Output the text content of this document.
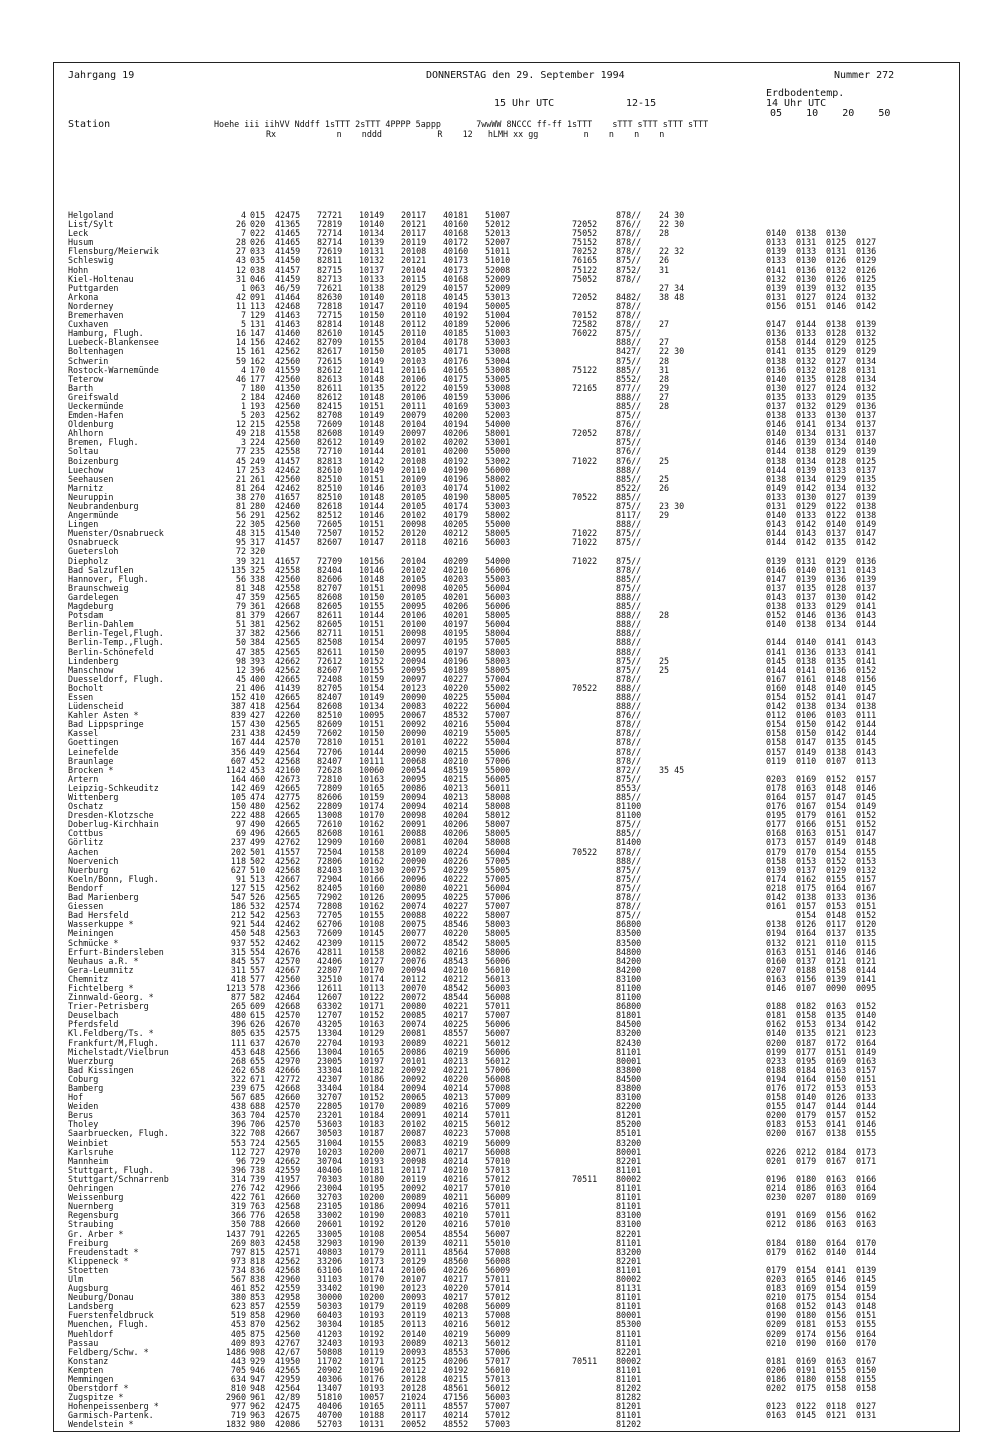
Jahrgang 19	DONNERSTAG den 29. September 1994	Nummer 272
15 Uhr UTC	12-15
Erdbodentemp.
14 Uhr UTC
05    10    20    50
Station	Hoehe iii iihVV Nddff 1sTTT 2sTTT 4PPPP 5appp       7wwWW 8NCCC ff-ff 1sTTT    sTTT sTTT sTTT sTTT
Rx            n    nddd           R    12   hLMH xx gg         n    n    n    n
Helgoland	4 015 42475 72721 10149 20117 40181 51007	878// 24 30
List/Sylt	26 020 41365 72819 10140 20121 40160 52012	72052 876// 22 30
Leck	7 022 41465 72714 10134 20117 40168 52013	75052 878// 28	0140 0138 0130
Husum	28 026 41465 82714 10139 20119 40172 52007	75152 878//	0133 0131 0125 0127
Flensburg/Meierwik	27 033 41459 72619 10131 20108 40160 51011	70252 878// 22 32	0139 0133 0131 0136
Schleswig	43 035 41450 82811 10132 20121 40173 51010	76165 875// 26	0133 0130 0126 0129
Hohn	12 038 41457 82715 10137 20104 40173 52008	75122 8752/ 31	0141 0136 0132 0126
Kiel-Holtenau	31 046 41459 82713 10133 20115 40168 52009	75052 878//	0132 0130 0126 0125
Puttgarden	1 063 46/59 72621 10138 20129 40157 52009	27 34	0139 0139 0132 0135
Arkona	42 091 41464 82630 10140 20118 40145 53013	72052 8482/ 38 48	0131 0127 0124 0132
Norderney	11 113 42468 72818 10147 20110 40194 50005	878//	0156 0151 0146 0142
Bremerhaven	7 129 41463 72715 10150 20110 40192 51004	70152 878//
Cuxhaven	5 131 41463 82814 10148 20112 40189 52006	72582 878// 27	0147 0144 0138 0139
Hamburg, Flugh.	16 147 41460 82610 10145 20110 40185 51003	76022 875//	0136 0133 0128 0132
Luebeck-Blankensee	14 156 42462 82709 10155 20104 40178 53003	888// 27	0158 0144 0129 0125
Boltenhagen	15 161 42562 82617 10150 20105 40171 53008	8427/ 22 30	0141 0135 0129 0129
Schwerin	59 162 42560 72615 10149 20103 40176 53004	875// 28	0138 0132 0127 0134
Rostock-Warnemünde	4 170 41559 82612 10141 20116 40165 53008	75122 885// 31	0136 0132 0128 0131
Teterow	46 177 42560 82613 10148 20106 40175 53005	8552/ 28	0140 0135 0128 0134
Barth	7 180 41350 82611 10135 20122 40159 53008	72165 877// 29	0130 0127 0124 0132
Greifswald	2 184 42460 82612 10148 20106 40159 53006	888// 27	0135 0133 0129 0135
Ueckermünde	1 193 42560 82415 10151 20111 40169 53003	885// 28	0137 0132 0129 0136
Emden-Hafen	5 203 42562 82708 10149 20079 40200 52003	875//	0138 0133 0130 0137
Oldenburg	12 215 42558 72609 10148 20104 40194 54000	876//	0146 0141 0134 0137
Ahlhorn	49 218 41558 82608 10149 20097 40206 58001	72052 878//	0140 0134 0131 0137
Bremen, Flugh.	3 224 42560 82612 10149 20102 40202 53001	875//	0146 0139 0134 0140
Soltau	77 235 42558 72710 10144 20101 40200 55000	876//	0144 0138 0129 0139
Boizenburg	45 249 41457 82813 10142 20108 40192 53002	71022 876// 25	0138 0134 0128 0125
Luechow	17 253 42462 82610 10149 20110 40190 56000	888//	0144 0139 0133 0137
Seehausen	21 261 42560 82510 10151 20109 40196 58002	885// 25	0138 0134 0129 0135
Marnitz	81 264 42462 82510 10146 20103 40174 51002	8522/ 26	0149 0142 0134 0132
Neuruppin	38 270 41657 82510 10148 20105 40190 58005	70522 885//	0133 0130 0127 0139
Neubrandenburg	81 280 42460 82618 10144 20105 40174 53003	875// 23 30	0131 0129 0122 0138
Angermünde	56 291 42562 82512 10146 20102 40179 58002	8117/ 29	0140 0133 0122 0138
Lingen	22 305 42560 72605 10151 20098 40205 55000	888//	0143 0142 0140 0149
Muenster/Osnabrueck	48 315 41540 72507 10152 20120 40212 58005	71022 875//	0144 0143 0137 0147
Osnabrueck	95 317 41457 82607 10147 20118 40216 56003	71022 875//	0144 0142 0135 0142
Guetersloh	72 320
Diepholz	39 321 41657 72709 10156 20104 40209 54000	71022 875//	0139 0131 0129 0136
Bad Salzuflen	135 325 42558 82404 10146 20102 40210 56006	878//	0146 0140 0131 0143
Hannover, Flugh.	56 338 42560 82606 10148 20105 40203 55003	885//	0147 0139 0136 0139
Braunschweig	81 348 42558 82707 10151 20098 40205 56004	875//	0137 0135 0128 0137
Gardelegen	47 359 42565 82608 10150 20105 40201 56003	888//	0143 0137 0130 0142
Magdeburg	79 361 42668 82605 10155 20095 40206 56006	885//	0138 0133 0129 0141
Potsdam	81 379 42667 82611 10144 20106 40201 58005	888// 28	0152 0146 0136 0143
Berlin-Dahlem	51 381 42562 82605 10151 20100 40197 56004	888//	0140 0138 0134 0144
Berlin-Tegel,Flugh.	37 382 42566 82711 10151 20098 40195 58004	888//
Berlin-Temp.,Flugh.	50 384 42565 82508 10154 20097 40195 57005	888//	0144 0140 0141 0143
Berlin-Schönefeld	47 385 42565 82611 10150 20095 40197 58003	888//	0141 0136 0133 0141
Lindenberg	98 393 42662 72612 10152 20094 40196 58003	875// 25	0145 0138 0135 0141
Manschnow	12 396 42562 82607 10155 20095 40189 58005	875// 25	0144 0141 0136 0152
Duesseldorf, Flugh.	45 400 42665 72408 10159 20097 40227 57004	878//	0167 0161 0148 0156
Bocholt	21 406 41439 82705 10154 20123 40220 55002	70522 888//	0160 0148 0140 0145
Essen	152 410 42665 82407 10149 20090 40225 55004	888//	0154 0152 0141 0147
Lüdenscheid	387 418 42564 82608 10134 20083 40222 56004	888//	0142 0138 0134 0138
Kahler Asten *	839 427 42260 82510 10095 20067 48532 57007	876//	0112 0106 0103 0111
Bad Lippspringe	157 430 42565 82609 10151 20092 40216 55004	878//	0154 0150 0142 0144
Kassel	231 438 42459 72602 10150 20090 40219 55005	878//	0158 0150 0142 0144
Goettingen	167 444 42570 72810 10151 20101 40222 55004	878//	0158 0147 0135 0145
Leinefelde	356 449 42564 72706 10144 20090 40215 55006	878//	0157 0149 0138 0143
Braunlage	607 452 42568 82407 10111 20068 40210 57006	878//	0119 0110 0107 0113
Brocken *	1142 453 42160 72628 10060 20054 48519 55000	872// 35 45
Artern	164 460 42673 72810 10163 20095 40215 56005	875//	0203 0169 0152 0157
Leipzig-Schkeuditz	142 469 42665 72809 10165 20086 40213 56011	8553/	0178 0163 0148 0146
Wittenberg	105 474 42775 82606 10159 20094 40213 58008	885//	0164 0157 0147 0145
Oschatz	150 480 42562 22809 10174 20094 40214 58008	81100	0176 0167 0154 0149
Dresden-Klotzsche	222 488 42665 13008 10170 20098 40204 58012	81100	0195 0179 0161 0152
Doberlug-Kirchhain	97 490 42665 72610 10162 20091 40206 58007	875//	0177 0166 0151 0152
Cottbus	69 496 42665 82608 10161 20088 40206 58005	885//	0168 0163 0151 0147
Görlitz	237 499 42762 12909 10160 20081 40204 58008	81400	0173 0157 0149 0148
Aachen	202 501 41557 72504 10158 20109 40224 56004	70522 878//	0179 0170 0154 0155
Noervenich	118 502 42562 72806 10162 20090 40226 57005	888//	0158 0153 0152 0153
Nuerburg	627 510 42568 82403 10130 20075 40229 55005	875//	0139 0137 0129 0132
Koeln/Bonn, Flugh.	91 513 42667 72904 10166 20096 40222 57005	875//	0174 0162 0155 0157
Bendorf	127 515 42562 82405 10160 20080 40221 56004	875//	0218 0175 0164 0167
Bad Marienberg	547 526 42565 72902 10126 20095 40225 57006	878//	0142 0138 0133 0136
Giessen	186 532 42574 72808 10162 20074 40227 57007	878//	0161 0157 0153 0151
Bad Hersfeld	212 542 42563 72705 10155 20088 40222 58007	875//	0154 0148 0152
Wasserkuppe *	921 544 42462 62706 10108 20075 48546 58003	86800	0138 0126 0117 0120
Meiningen	450 548 42563 72609 10145 20077 40220 58005	83500	0194 0164 0137 0135
Schmücke *	937 552 42462 42309 10115 20072 48542 58005	83500	0132 0121 0110 0115
Erfurt-Bindersleben	315 554 42676 42811 10158 20082 40216 58006	84800	0163 0151 0146 0146
Neuhaus a.R. *	845 557 42570 42406 10127 20076 48543 56006	84200	0160 0137 0121 0121
Gera-Leumnitz	311 557 42667 22807 10170 20094 40210 56010	84200	0207 0188 0158 0144
Chemnitz	418 577 42560 32510 10174 20112 40212 56013	83100	0163 0156 0139 0141
Fichtelberg *	1213 578 42366 12611 10113 20070 48542 56003	81100	0146 0107 0090 0095
Zinnwald-Georg. *	877 582 42464 12607 10122 20072 48544 56008	81100
Trier-Petrisberg	265 609 42668 63302 10171 20080 40221 57011	86800	0188 0182 0163 0152
Deuselbach	480 615 42570 12707 10152 20085 40217 57007	81801	0181 0158 0135 0140
Pferdsfeld	396 626 42670 43205 10163 20074 40225 56006	84500	0162 0153 0134 0142
Kl.Feldberg/Ts. *	805 635 42575 13304 10129 20081 48557 56007	83200	0140 0135 0121 0123
Frankfurt/M,Flugh.	111 637 42670 22704 10193 20089 40221 56012	82430	0200 0187 0172 0164
Michelstadt/Vielbrun	453 648 42566 13004 10165 20086 40219 56006	81101	0199 0177 0151 0149
Wuerzburg	268 655 42970 23005 10197 20101 40213 56012	80001	0233 0195 0169 0163
Bad Kissingen	262 658 42666 33304 10182 20092 40221 57006	83800	0188 0184 0163 0157
Coburg	322 671 42772 42307 10186 20092 40220 56008	84500	0194 0164 0150 0151
Bamberg	239 675 42668 33404 10184 20094 40214 57008	83800	0176 0172 0153 0153
Hof	567 685 42660 32707 10152 20065 40213 57009	83100	0158 0140 0126 0133
Weiden	438 688 42570 22805 10170 20089 40216 57009	82200	0155 0147 0144 0144
Berus	363 704 42570 23201 10184 20091 40214 57011	81201	0200 0179 0157 0152
Tholey	396 706 42570 53603 10183 20102 40215 56012	85200	0183 0153 0141 0146
Saarbruecken, Flugh.	322 708 42667 30503 10187 20087 40223 57008	85101	0200 0167 0138 0155
Weinbiet	553 724 42565 31004 10155 20083 40219 56009	83200
Karlsruhe	112 727 42970 10203 10200 20071 40217 56008	80001	0226 0212 0184 0173
Mannheim	96 729 42662 30704 10193 20098 40214 57010	82201	0201 0179 0167 0171
Stuttgart, Flugh.	396 738 42559 40406 10181 20117 40210 57013	81101
Stuttgart/Schnarrenb	314 739 41957 70303 10180 20119 40216 57012	70511 80002	0196 0180 0163 0166
Oehringen	276 742 42966 23004 10195 20092 40217 57010	81101	0214 0186 0163 0164
Weissenburg	422 761 42660 32703 10200 20089 40211 56009	81101	0230 0207 0180 0169
Nuernberg	319 763 42568 23105 10186 20094 40216 57011	81101
Regensburg	366 776 42658 33002 10190 20083 40210 57011	83100	0191 0169 0156 0162
Straubing	350 788 42660 20601 10192 20120 40216 57010	83100	0212 0186 0163 0163
Gr. Arber *	1437 791 42265 33005 10108 20054 48554 56007	82201
Freiburg	269 803 42458 32903 10190 20139 40211 55010	81101	0184 0180 0164 0170
Freudenstadt *	797 815 42571 40803 10179 20111 48564 57008	83200	0179 0162 0140 0144
Klippeneck *	973 818 42562 33206 10173 20129 48560 56008	82201
Stoetten	734 836 42568 63106 10174 20106 40226 56009	81101	0179 0154 0141 0139
Ulm	567 838 42960 31103 10170 20107 40217 57011	80002	0203 0165 0146 0145
Augsburg	461 852 42559 33402 10190 20123 40220 57014	81131	0183 0169 0154 0159
Neuburg/Donau	380 853 42958 30000 10200 20093 40217 57012	81101	0210 0175 0154 0154
Landsberg	623 857 42559 50303 10179 20119 40208 56009	81101	0168 0152 0143 0148
Fuerstenfeldbruck	519 858 42960 60403 10193 20119 40213 57008	80001	0190 0180 0156 0151
Muenchen, Flugh.	453 870 42562 30304 10185 20113 40216 56012	85300	0209 0181 0153 0155
Muehldorf	405 875 42560 41203 10192 20140 40219 56009	81101	0209 0174 0156 0164
Passau	409 893 42767 32403 10193 20089 40213 56012	81101	0210 0190 0160 0170
Feldberg/Schw. *	1486 908 42/67 50808 10119 20093 48553 57006	82201
Konstanz	443 929 41950 11702 10171 20125 40206 57017	70511 80002	0181 0169 0163 0167
Kempten	705 946 42565 20902 10196 20112 40192 56010	81101	0206 0191 0155 0150
Memmingen	634 947 42959 40306 10176 20128 40215 57013	81101	0186 0180 0158 0155
Oberstdorf *	810 948 42564 13407 10193 20128 48561 56012	81202	0202 0175 0158 0158
Zugspitze *	2960 961 42/89 51810 10057 21024 47156 56003	81282
Hohenpeissenberg *	977 962 42475 40406 10165 20111 48557 57007	81201	0123 0122 0118 0127
Garmisch-Partenk.	719 963 42675 40700 10188 20117 40214 57012	81101	0163 0145 0121 0131
Wendelstein *	1832 980 42086 52703 10131 20052 48552 57003	81202
